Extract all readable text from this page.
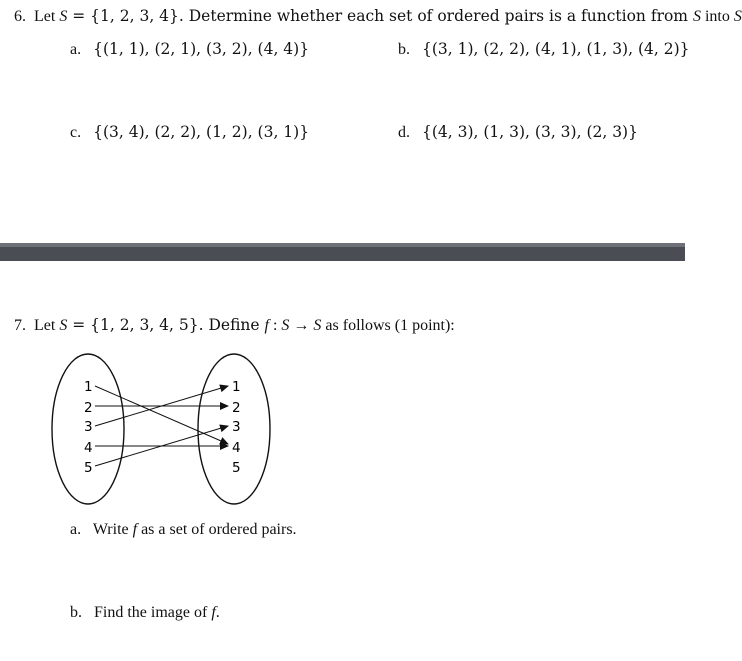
6. Let S = {1, 2, 3, 4}. Determine whether each set of ordered pairs is a function from S into S
a. {(1, 1), (2, 1), (3, 2), (4, 4)}	b. {(3, 1), (2, 2), (4, 1), (1, 3), (4, 2)}
c. {(3, 4), (2, 2), (1, 2), (3, 1)}	d. {(4, 3), (1, 3), (3, 3), (2, 3)}
7. Let S = {1, 2, 3, 4, 5}. Define f : S → S as follows (1 point):
1
2
3
4
5
1
2
3
4
5
a. Write f as a set of ordered pairs.
b. Find the image of f.
